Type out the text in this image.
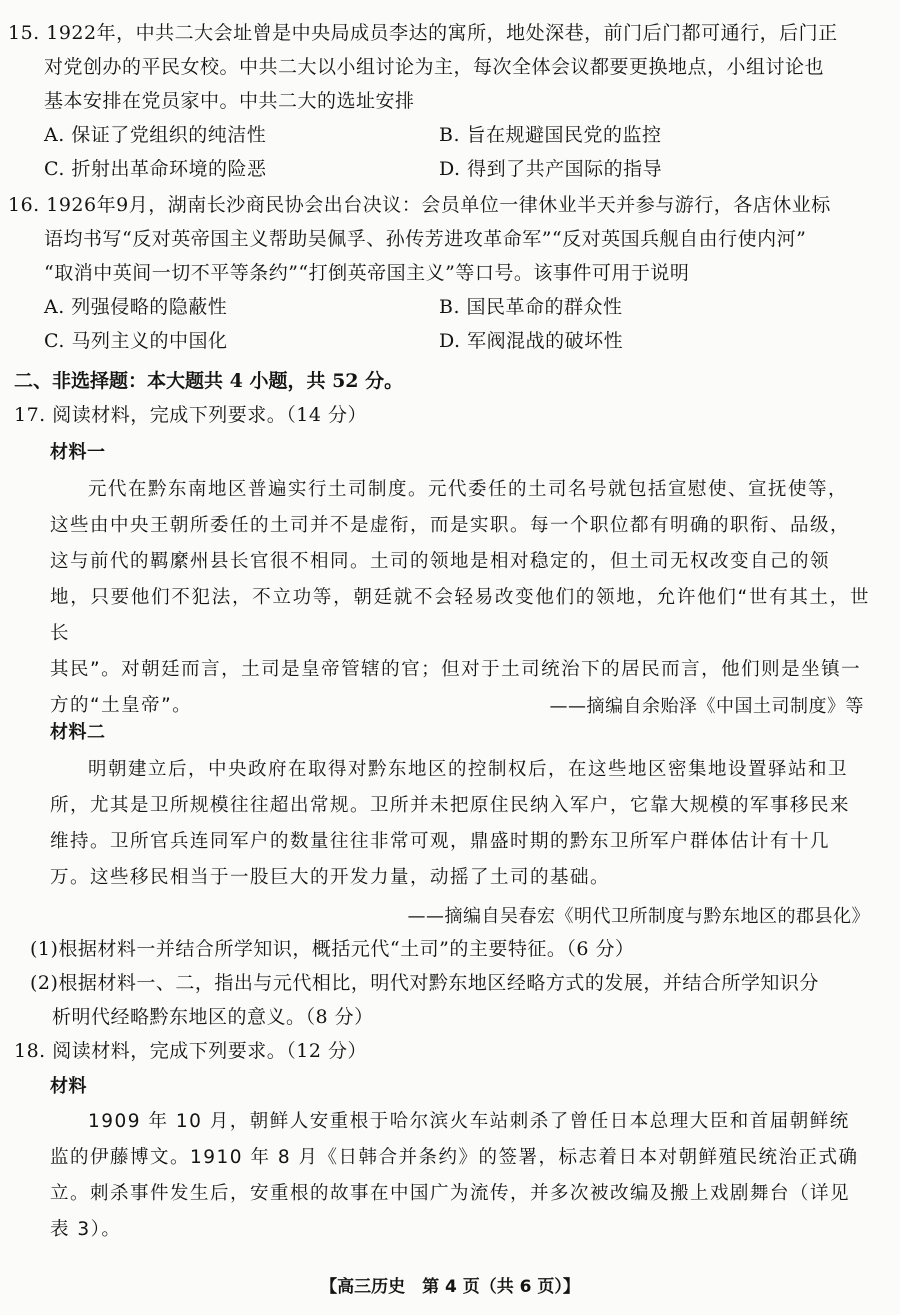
15. 1922年，中共二大会址曾是中央局成员李达的寓所，地处深巷，前门后门都可通行，后门正

对党创办的平民女校。中共二大以小组讨论为主，每次全体会议都要更换地点，小组讨论也

基本安排在党员家中。中共二大的选址安排

A. 保证了党组织的纯洁性	B. 旨在规避国民党的监控
C. 折射出革命环境的险恶	D. 得到了共产国际的指导

16. 1926年9月，湖南长沙商民协会出台决议：会员单位一律休业半天并参与游行，各店休业标

语均书写“反对英帝国主义帮助吴佩孚、孙传芳进攻革命军”“反对英国兵舰自由行使内河”

“取消中英间一切不平等条约”“打倒英帝国主义”等口号。该事件可用于说明

A. 列强侵略的隐蔽性	B. 国民革命的群众性
C. 马列主义的中国化	D. 军阀混战的破坏性
二、非选择题：本大题共 4 小题，共 52 分。
17. 阅读材料，完成下列要求。（14 分）
材料一

元代在黔东南地区普遍实行土司制度。元代委任的土司名号就包括宣慰使、宣抚使等，

这些由中央王朝所委任的土司并不是虚衔，而是实职。每一个职位都有明确的职衔、品级，

这与前代的羁縻州县长官很不相同。土司的领地是相对稳定的，但土司无权改变自己的领

地，只要他们不犯法，不立功等，朝廷就不会轻易改变他们的领地，允许他们“世有其土，世长

其民”。对朝廷而言，土司是皇帝管辖的官；但对于土司统治下的居民而言，他们则是坐镇一

方的“土皇帝”。	——摘编自余贻泽《中国土司制度》等
材料二

明朝建立后，中央政府在取得对黔东地区的控制权后，在这些地区密集地设置驿站和卫

所，尤其是卫所规模往往超出常规。卫所并未把原住民纳入军户，它靠大规模的军事移民来

维持。卫所官兵连同军户的数量往往非常可观，鼎盛时期的黔东卫所军户群体估计有十几

万。这些移民相当于一股巨大的开发力量，动摇了土司的基础。

——摘编自吴春宏《明代卫所制度与黔东地区的郡县化》
(1)根据材料一并结合所学知识，概括元代“土司”的主要特征。（6 分）

(2)根据材料一、二，指出与元代相比，明代对黔东地区经略方式的发展，并结合所学知识分

析明代经略黔东地区的意义。（8 分）

18. 阅读材料，完成下列要求。（12 分）
材料

1909 年 10 月，朝鲜人安重根于哈尔滨火车站刺杀了曾任日本总理大臣和首届朝鲜统

监的伊藤博文。1910 年 8 月《日韩合并条约》的签署，标志着日本对朝鲜殖民统治正式确

立。刺杀事件发生后，安重根的故事在中国广为流传，并多次被改编及搬上戏剧舞台（详见

表 3）。

【高三历史　第 4 页（共 6 页）】
